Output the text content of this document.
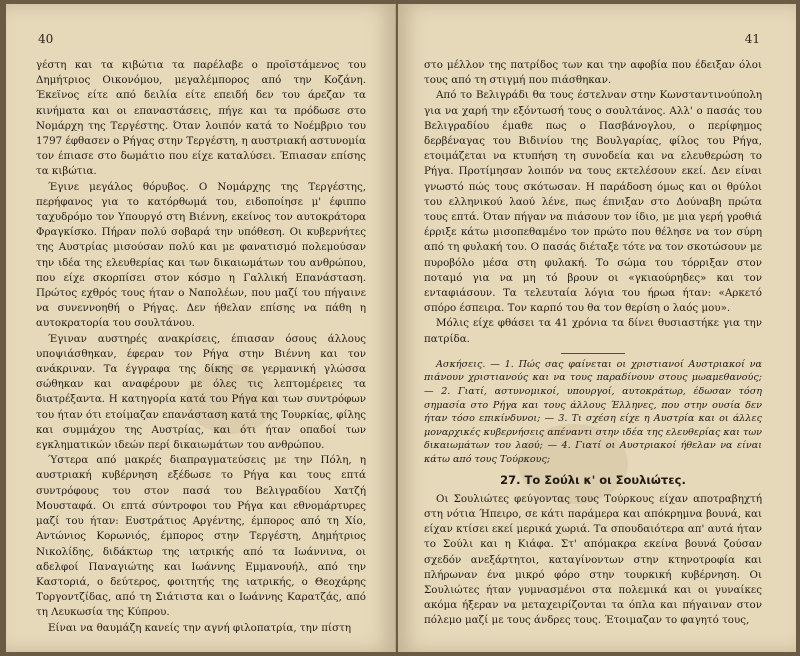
40

γέστη και τα κιβώτια τα παρέλαβε ο προϊστάμενος του Δημήτριος Οικονόμου, μεγαλέμπορος από την Κοζάνη. Έκεϊνος είτε από δειλία είτε επειδή δεν του άρεζαν τα κινήματα και οι επαναστάσεις, πήγε και τα πρόδωσε στο Νομάρχη της Τεργέστης. Όταν λοιπόν κατά το Νοέμβριο του 1797 έφθασεν ο Ρήγας στην Τεργέστη, η αυστριακή αστυνομία τον έπιασε στο δωμάτιο που είχε καταλύσει. Έπιασαν επίσης τα κιβώτια.

Έγινε μεγάλος θόρυβος. Ο Νομάρχης της Τεργέστης, περήφανος για το κατόρθωμά του, ειδοποίησε μ' έφιππο ταχυδρόμο τον Υπουργό στη Βιέννη, εκείνος τον αυτοκράτορα Φραγκίσκο. Πήραν πολύ σοβαρά την υπόθεση. Οι κυβερνήτες της Αυστρίας μισούσαν πολύ και με φανατισμό πολεμούσαν την ιδέα της ελευθερίας και των δικαιωμάτων του ανθρώπου, που είχε σκορπίσει στον κόσμο η Γαλλική Επανάσταση. Πρώτος εχθρός τους ήταν ο Ναπολέων, που μαζί του πήγαινε να συνεννοηθή ο Ρήγας. Δεν ήθελαν επίσης να πάθη η αυτοκρατορία του σουλτάνου.

Έγιναν αυστηρές ανακρίσεις, έπιασαν όσους άλλους υποψιάσθηκαν, έφεραν τον Ρήγα στην Βιέννη και τον ανάκριναν. Τα έγγραφα της δίκης σε γερμανική γλώσσα σώθηκαν και αναφέρουν με όλες τις λεπτομέρειες τα διατρέξαντα. Η κατηγορία κατά του Ρήγα και των συντρόφων του ήταν ότι ετοίμαζαν επανάσταση κατά της Τουρκίας, φίλης και συμμάχου της Αυστρίας, και ότι ήταν οπαδοί των εγκληματικών ιδεών περί δικαιωμάτων του ανθρώπου.

Ύστερα από μακρές διαπραγματεύσεις με την Πόλη, η αυστριακή κυβέρνηση εξέδωσε το Ρήγα και τους επτά συντρόφους του στον πασά του Βελιγραδίου Χατζή Μουσταφά. Οι επτά σύντροφοι του Ρήγα και εθνομάρτυρες μαζί του ήταν: Ευστράτιος Αργέντης, έμπορος από τη Χίο, Αντώνιος Κορωνιός, έμπορος στην Τεργέστη, Δημήτριος Νικολίδης, διδάκτωρ της ιατρικής από τα Ιωάννινα, οι αδελφοί Παναγιώτης και Ιωάννης Εμμανουήλ, από την Καστοριά, ο δεύτερος, φοιτητής της ιατρικής, ο Θεοχάρης Τοργοντζίδας, από τη Σιάτιστα και ο Ιωάννης Καρατζάς, από τη Λευκωσία της Κύπρου.

Είναι να θαυμάζη κανείς την αγνή φιλοπατρία, την πίστη

41

στο μέλλον της πατρίδος των και την αφοβία που έδειξαν όλοι τους από τη στιγμή που πιάσθηκαν.

Από το Βελιγράδι θα τους έστελναν στην Κωνσταντινούπολη για να χαρή την εξόντωσή τους ο σουλτάνος. Αλλ' ο πασάς του Βελιγραδίου έμαθε πως ο Πασβάνογλου, ο περίφημος δερβέναγας του Βιδινίου της Βουλγαρίας, φίλος του Ρήγα, ετοιμάζεται να κτυπήση τη συνοδεία και να ελευθερώση το Ρήγα. Προτίμησαν λοιπόν να τους εκτελέσουν εκεί. Δεν είναι γνωστό πώς τους σκότωσαν. Η παράδοση όμως και οι θρύλοι του ελληνικού λαού λένε, πως έπνιξαν στο Δούναβη πρώτα τους επτά. Όταν πήγαν να πιάσουν τον ίδιο, με μια γερή γροθιά έρριξε κάτω μισοπεθαμένο τον πρώτο που θέλησε να τον σύρη από τη φυλακή του. Ο πασάς διέταξε τότε να τον σκοτώσουν με πυροβόλο μέσα στη φυλακή. Το σώμα του τόρριξαν στον ποταμό για να μη τό βρουν οι «γκιαούρηδες» και τον ενταφιάσουν. Τα τελευταία λόγια του ήρωα ήταν: «Αρκετό σπόρο έσπειρα. Τον καρπό του θα τον θερίση ο λαός μου».

Μόλις είχε φθάσει τα 41 χρόνια τα δίνει θυσιαστήκε για την πατρίδα.

Ασκήσεις. — 1. Πώς σας φαίνεται οι χριστιανοί Αυστριακοί να πιάνουν χριστιανούς και να τους παραδίνουν στους μωαμεθανούς; — 2. Γιατί, αστυνομικοί, υπουργοί, αυτοκράτωρ, έδωσαν τόση σημασία στο Ρήγα και τους άλλους Έλληνες, που στην ουσία δεν ήταν τόσο επικίνδυνοι; — 3. Τι σχέση είχε η Αυστρία και οι άλλες μοναρχικές κυβερνήσεις απέναντι στην ιδέα της ελευθερίας και των δικαιωμάτων του λαού; — 4. Γιατί οι Αυστριακοί ήθελαν να είναι κάτω από τους Τούρκους;

27. Το Σούλι κ' οι Σουλιώτες.

Οι Σουλιώτες φεύγοντας τους Τούρκους είχαν αποτραβηχτή στη νότια Ήπειρο, σε κάτι παράμερα και απόκρημνα βουνά, και είχαν κτίσει εκεί μερικά χωριά. Τα σπουδαιότερα απ' αυτά ήταν το Σούλι και η Κιάφα. Στ' απόμακρα εκείνα βουνά ζούσαν σχεδόν ανεξάρτητοι, καταγίνοντων στην κτηνοτροφία και πλήρωναν ένα μικρό φόρο στην τουρκική κυβέρνηση. Οι Σουλιώτες ήταν γυμνασμένοι στα πολεμικά και οι γυναίκες ακόμα ήξεραν να μεταχειρίζονται τα όπλα και πήγαιναν στον πόλεμο μαζί με τους άνδρες τους. Έτοιμαζαν το φαγητό τους,
